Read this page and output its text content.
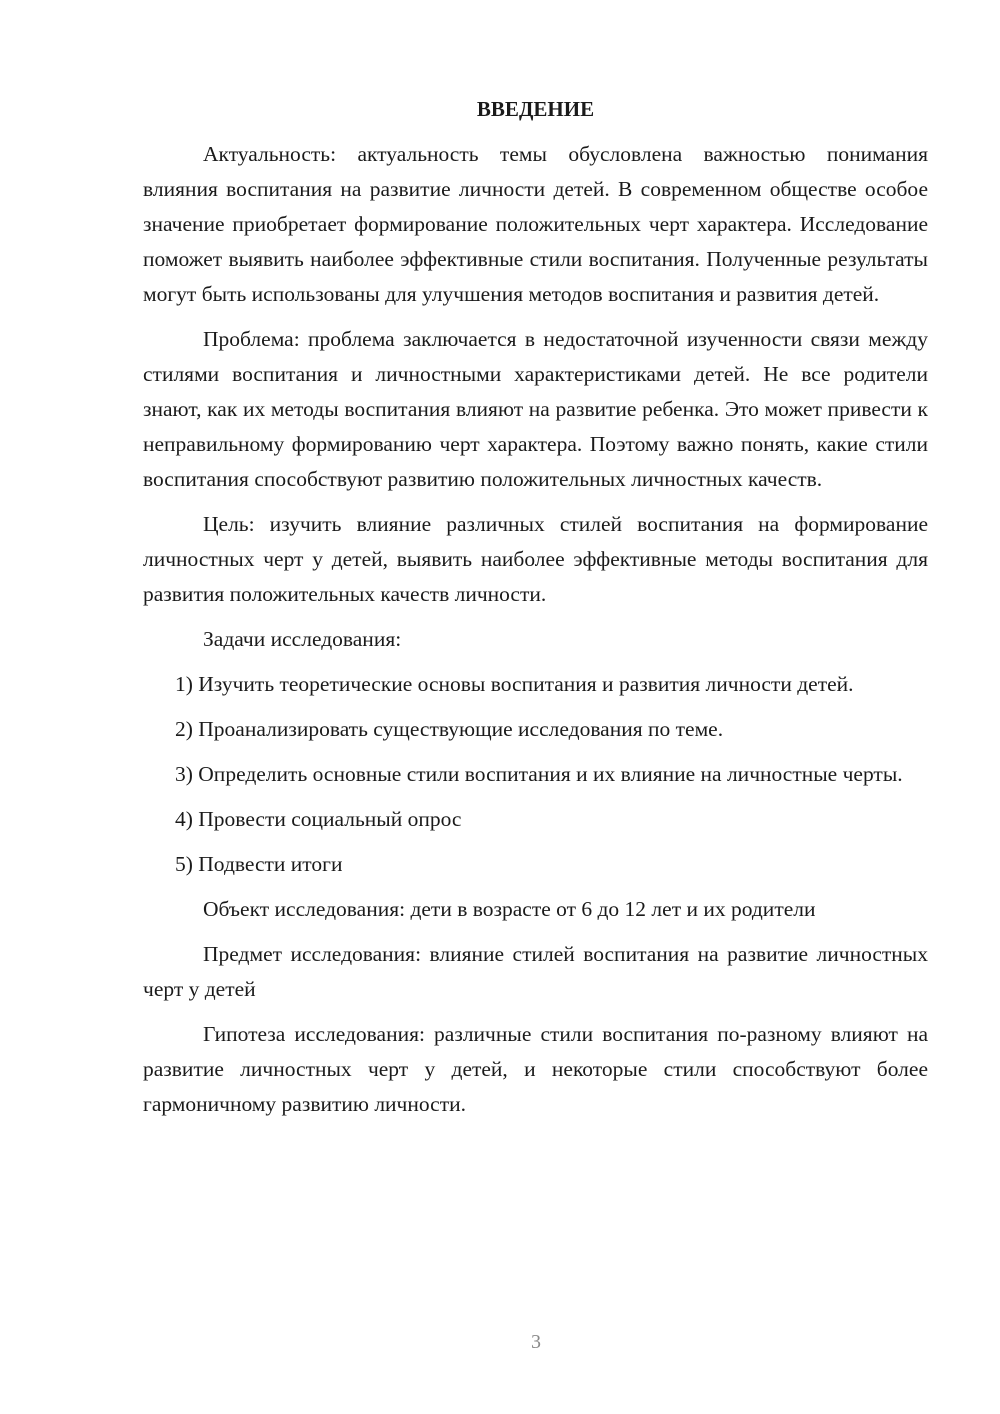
ВВЕДЕНИЕ

Актуальность: актуальность темы обусловлена важностью понимания влияния воспитания на развитие личности детей. В современном обществе особое значение приобретает формирование положительных черт характера. Исследование поможет выявить наиболее эффективные стили воспитания. Полученные результаты могут быть использованы для улучшения методов воспитания и развития детей.

Проблема: проблема заключается в недостаточной изученности связи между стилями воспитания и личностными характеристиками детей. Не все родители знают, как их методы воспитания влияют на развитие ребенка. Это может привести к неправильному формированию черт характера. Поэтому важно понять, какие стили воспитания способствуют развитию положительных личностных качеств.

Цель: изучить влияние различных стилей воспитания на формирование личностных черт у детей, выявить наиболее эффективные методы воспитания для развития положительных качеств личности.

Задачи исследования:

1) Изучить теоретические основы воспитания и развития личности детей.

2) Проанализировать существующие исследования по теме.

3) Определить основные стили воспитания и их влияние на личностные черты.

4) Провести социальный опрос

5) Подвести итоги

Объект исследования: дети в возрасте от 6 до 12 лет и их родители

Предмет исследования: влияние стилей воспитания на развитие личностных черт у детей

Гипотеза исследования: различные стили воспитания по-разному влияют на развитие личностных черт у детей, и некоторые стили способствуют более гармоничному развитию личности.

3
